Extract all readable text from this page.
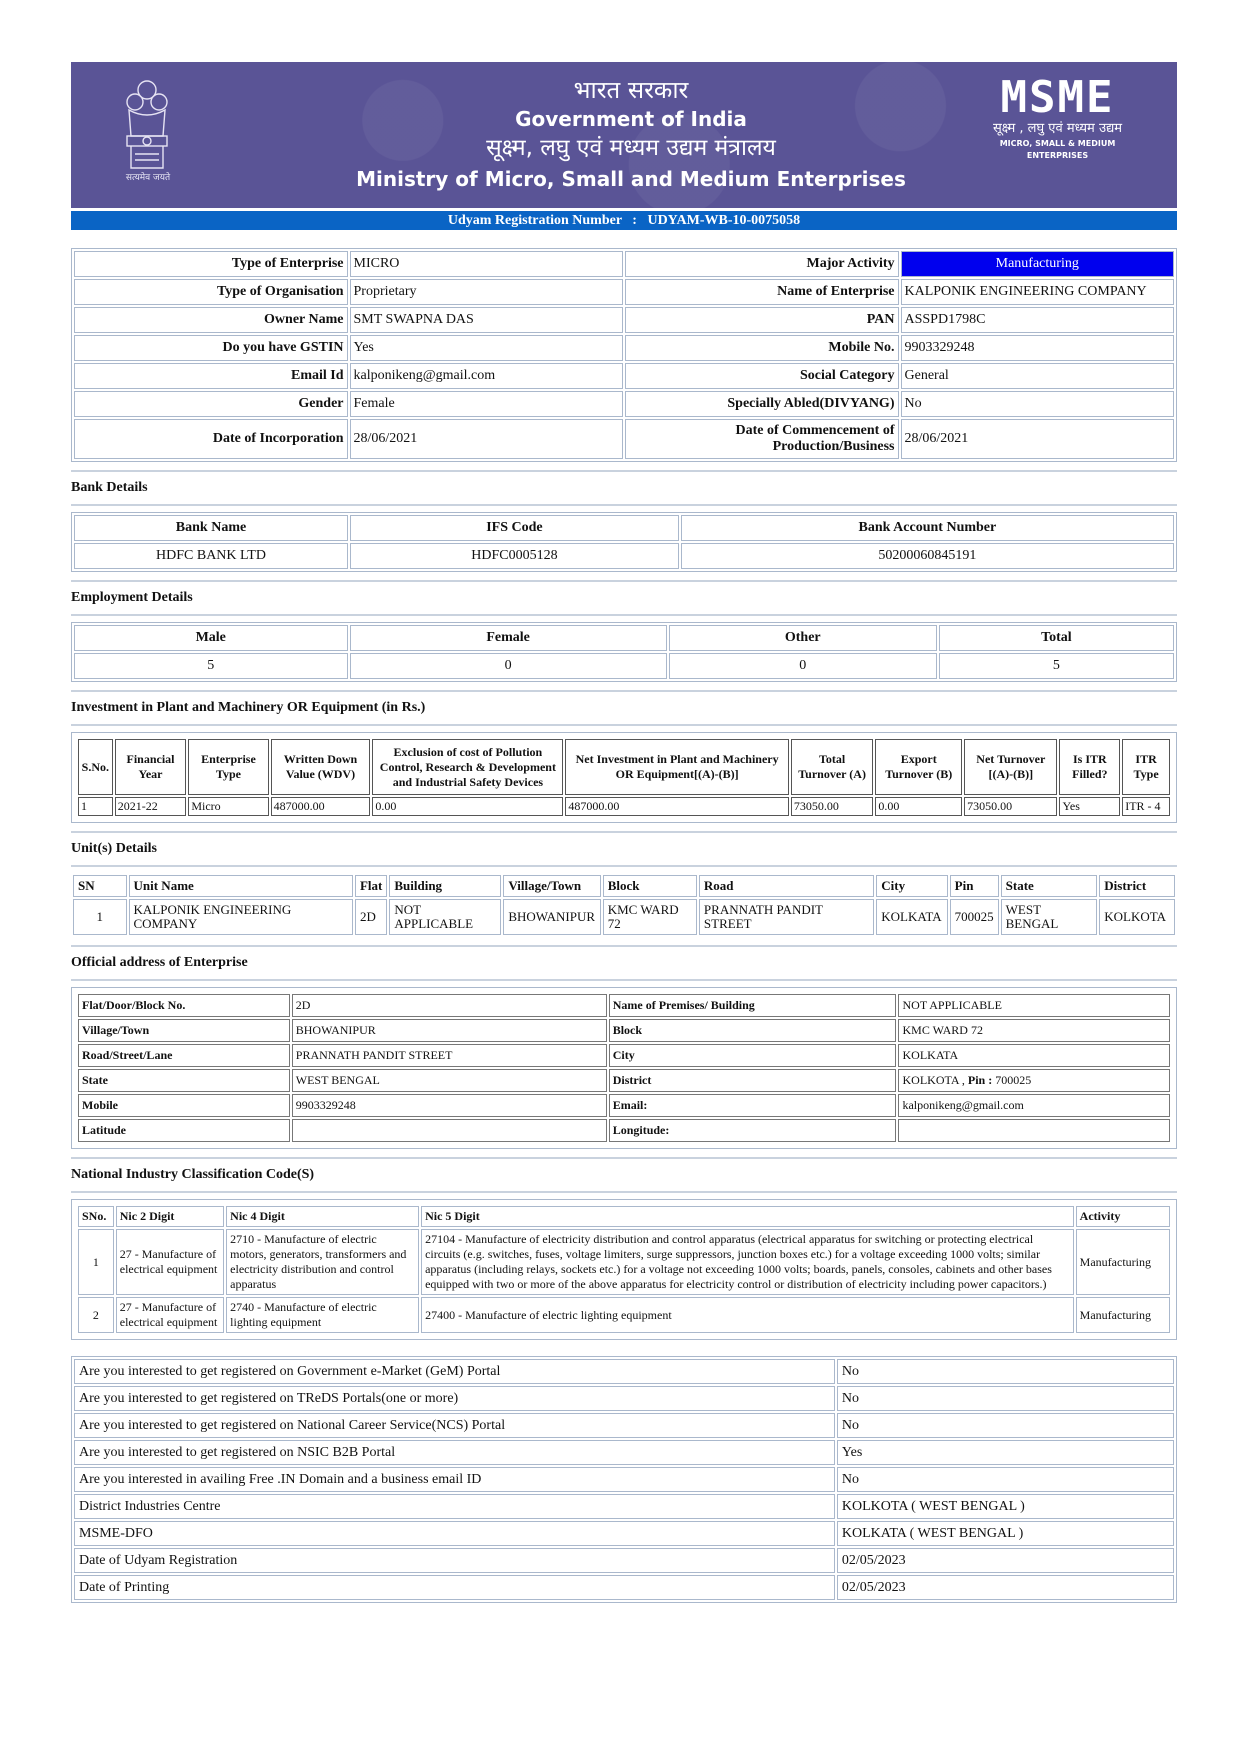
सत्यमेव जयते
भारत सरकार
Government of India
सूक्ष्म, लघु एवं मध्यम उद्यम मंत्रालय
Ministry of Micro, Small and Medium Enterprises
MSME
सूक्ष्म , लघु एवं मध्यम उद्यम
MICRO, SMALL & MEDIUM ENTERPRISES
Udyam Registration Number   :   UDYAM-WB-10-0075058
Type of Enterprise	MICRO	Major Activity	Manufacturing
Type of Organisation	Proprietary	Name of Enterprise	KALPONIK ENGINEERING COMPANY
Owner Name	SMT SWAPNA DAS	PAN	ASSPD1798C
Do you have GSTIN	Yes	Mobile No.	9903329248
Email Id	kalponikeng@gmail.com	Social Category	General
Gender	Female	Specially Abled(DIVYANG)	No
Date of Incorporation	28/06/2021	Date of Commencement of Production/Business	28/06/2021
Bank Details
Bank Name	IFS Code	Bank Account Number
HDFC BANK LTD	HDFC0005128	50200060845191
Employment Details
Male	Female	Other	Total
5	0	0	5
Investment in Plant and Machinery OR Equipment (in Rs.)
S.No.	Financial Year	Enterprise Type	Written Down Value (WDV)	Exclusion of cost of Pollution Control, Research & Development and Industrial Safety Devices	Net Investment in Plant and Machinery OR Equipment[(A)-(B)]	Total Turnover (A)	Export Turnover (B)	Net Turnover [(A)-(B)]	Is ITR Filled?	ITR Type
1	2021-22	Micro	487000.00	0.00	487000.00	73050.00	0.00	73050.00	Yes	ITR - 4
Unit(s) Details
SN	Unit Name	Flat	Building	Village/Town	Block	Road	City	Pin	State	District
1	KALPONIK ENGINEERING COMPANY	2D	NOT APPLICABLE	BHOWANIPUR	KMC WARD 72	PRANNATH PANDIT STREET	KOLKATA	700025	WEST BENGAL	KOLKOTA
Official address of Enterprise
Flat/Door/Block No.	2D	Name of Premises/ Building	NOT APPLICABLE
Village/Town	BHOWANIPUR	Block	KMC WARD 72
Road/Street/Lane	PRANNATH PANDIT STREET	City	KOLKATA
State	WEST BENGAL	District	KOLKOTA , Pin : 700025
Mobile	9903329248	Email:	kalponikeng@gmail.com
Latitude		Longitude:	
National Industry Classification Code(S)
SNo.	Nic 2 Digit	Nic 4 Digit	Nic 5 Digit	Activity
1	27 - Manufacture of electrical equipment	2710 - Manufacture of electric motors, generators, transformers and electricity distribution and control apparatus	27104 - Manufacture of electricity distribution and control apparatus (electrical apparatus for switching or protecting electrical circuits (e.g. switches, fuses, voltage limiters, surge suppressors, junction boxes etc.) for a voltage exceeding 1000 volts; similar apparatus (including relays, sockets etc.) for a voltage not exceeding 1000 volts; boards, panels, consoles, cabinets and other bases equipped with two or more of the above apparatus for electricity control or distribution of electricity including power capacitors.)	Manufacturing
2	27 - Manufacture of electrical equipment	2740 - Manufacture of electric lighting equipment	27400 - Manufacture of electric lighting equipment	Manufacturing
Are you interested to get registered on Government e-Market (GeM) Portal	No
Are you interested to get registered on TReDS Portals(one or more)	No
Are you interested to get registered on National Career Service(NCS) Portal	No
Are you interested to get registered on NSIC B2B Portal	Yes
Are you interested in availing Free .IN Domain and a business email ID	No
District Industries Centre	KOLKOTA ( WEST BENGAL )
MSME-DFO	KOLKATA ( WEST BENGAL )
Date of Udyam Registration	02/05/2023
Date of Printing	02/05/2023
